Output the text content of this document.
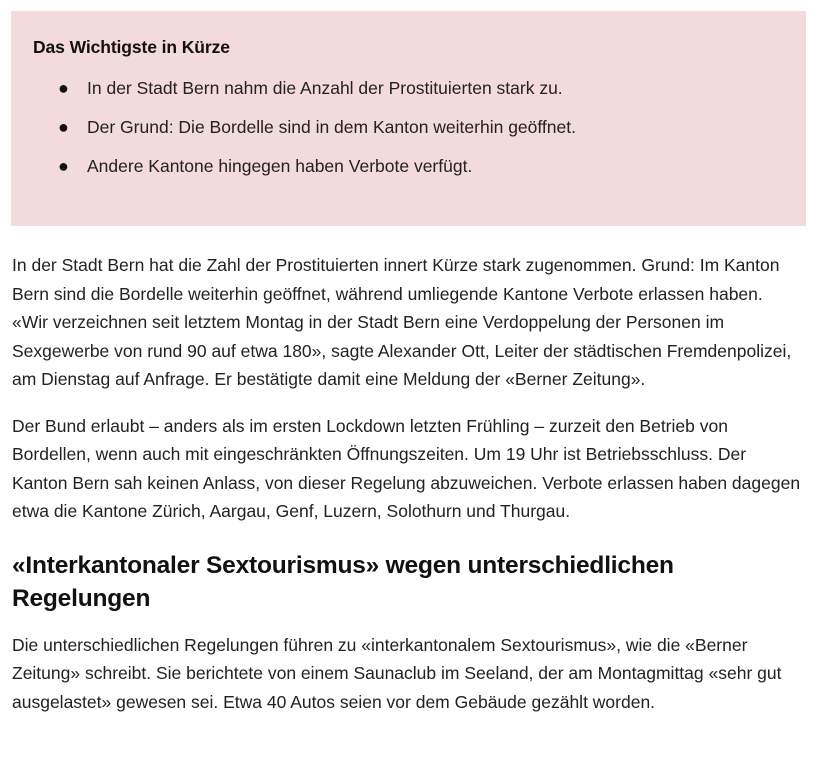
Das Wichtigste in Kürze
● In der Stadt Bern nahm die Anzahl der Prostituierten stark zu.
● Der Grund: Die Bordelle sind in dem Kanton weiterhin geöffnet.
● Andere Kantone hingegen haben Verbote verfügt.

In der Stadt Bern hat die Zahl der Prostituierten innert Kürze stark zugenommen. Grund: Im Kanton Bern sind die Bordelle weiterhin geöffnet, während umliegende Kantone Verbote erlassen haben. «Wir verzeichnen seit letztem Montag in der Stadt Bern eine Verdoppelung der Personen im Sexgewerbe von rund 90 auf etwa 180», sagte Alexander Ott, Leiter der städtischen Fremdenpolizei, am Dienstag auf Anfrage. Er bestätigte damit eine Meldung der «Berner Zeitung».

Der Bund erlaubt – anders als im ersten Lockdown letzten Frühling – zurzeit den Betrieb von Bordellen, wenn auch mit eingeschränkten Öffnungszeiten. Um 19 Uhr ist Betriebsschluss. Der Kanton Bern sah keinen Anlass, von dieser Regelung abzuweichen. Verbote erlassen haben dagegen etwa die Kantone Zürich, Aargau, Genf, Luzern, Solothurn und Thurgau.

«Interkantonaler Sextourismus» wegen unterschiedlichen Regelungen

Die unterschiedlichen Regelungen führen zu «interkantonalem Sextourismus», wie die «Berner Zeitung» schreibt. Sie berichtete von einem Saunaclub im Seeland, der am Montagmittag «sehr gut ausgelastet» gewesen sei. Etwa 40 Autos seien vor dem Gebäude gezählt worden.
